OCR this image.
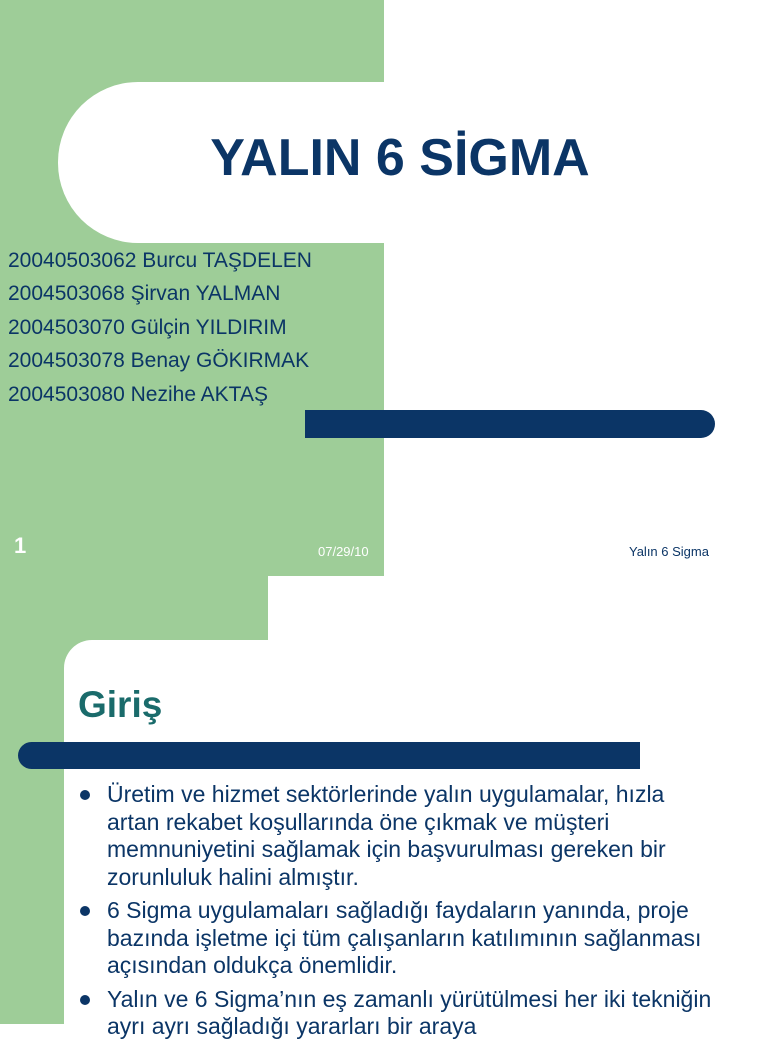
YALIN 6 SİGMA
20040503062 Burcu TAŞDELEN
2004503068 Şirvan YALMAN
2004503070 Gülçin YILDIRIM
2004503078 Benay GÖKIRMAK
2004503080 Nezihe AKTAŞ
1	07/29/10	Yalın 6 Sigma
Giriş
Üretim ve hizmet sektörlerinde yalın uygulamalar, hızla artan rekabet koşullarında öne çıkmak ve müşteri memnuniyetini sağlamak için başvurulması gereken bir zorunluluk halini almıştır.
6 Sigma uygulamaları sağladığı faydaların yanında, proje bazında işletme içi tüm çalışanların katılımının sağlanması açısından oldukça önemlidir.
Yalın ve 6 Sigma’nın eş zamanlı yürütülmesi her iki tekniğin ayrı ayrı sağladığı yararları bir araya
